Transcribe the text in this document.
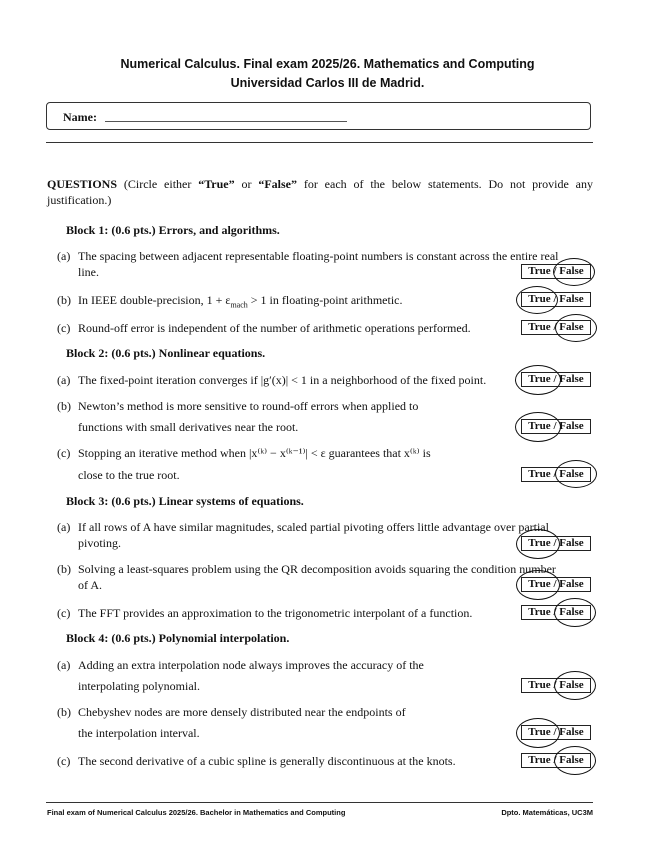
Numerical Calculus. Final exam 2025/26. Mathematics and Computing
Universidad Carlos III de Madrid.
Name:
QUESTIONS (Circle either “True” or “False” for each of the below statements. Do not provide any justification.)
Block 1: (0.6 pts.) Errors, and algorithms.
(a) The spacing between adjacent representable floating-point numbers is constant across the entire real
line.	True / False
(b) In IEEE double-precision, $1 + \varepsilon_{mach} > 1$ in floating-point arithmetic.	True / False
(c) Round-off error is independent of the number of arithmetic operations performed.	True / False
Block 2: (0.6 pts.) Nonlinear equations.
(a) The fixed-point iteration converges if |g′(x)| < 1 in a neighborhood of the fixed point.	True / False
(b) Newton’s method is more sensitive to round-off errors when applied to
functions with small derivatives near the root.	True / False
(c) Stopping an iterative method when |x⁽ᵏ⁾ − x⁽ᵏ⁻¹⁾| < ε guarantees that x⁽ᵏ⁾ is
close to the true root.	True / False
Block 3: (0.6 pts.) Linear systems of equations.
(a) If all rows of A have similar magnitudes, scaled partial pivoting offers little advantage over partial
pivoting.	True / False
(b) Solving a least-squares problem using the QR decomposition avoids squaring the condition number
of A.	True / False
(c) The FFT provides an approximation to the trigonometric interpolant of a function.	True / False
Block 4: (0.6 pts.) Polynomial interpolation.
(a) Adding an extra interpolation node always improves the accuracy of the
interpolating polynomial.	True / False
(b) Chebyshev nodes are more densely distributed near the endpoints of
the interpolation interval.	True / False
(c) The second derivative of a cubic spline is generally discontinuous at the knots.	True / False
Final exam of Numerical Calculus 2025/26. Bachelor in Mathematics and Computing	Dpto. Matemáticas, UC3M
